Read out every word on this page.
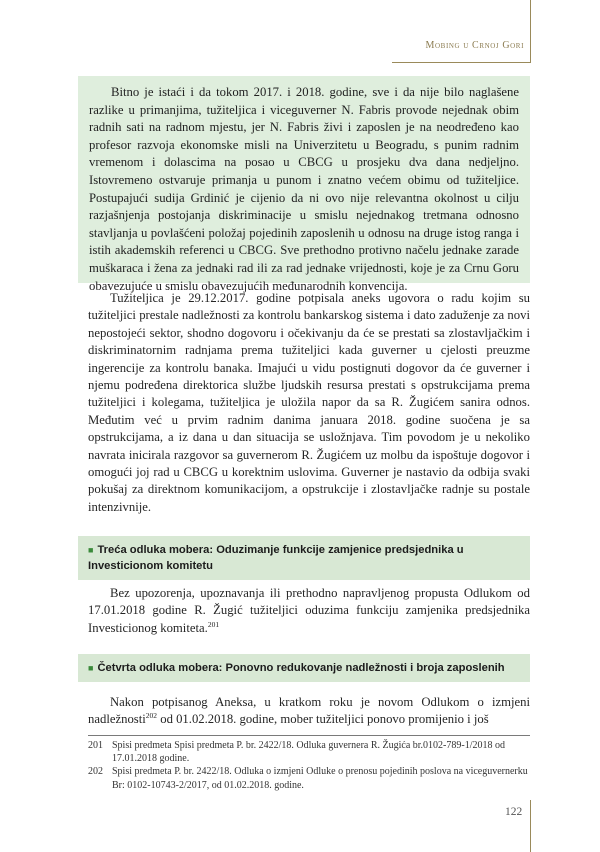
Mobing u Crnoj Gori

Bitno je istaći i da tokom 2017. i 2018. godine, sve i da nije bilo naglašene razlike u primanjima, tužiteljica i viceguverner N. Fabris provode nejednak obim radnih sati na radnom mjestu, jer N. Fabris živi i zaposlen je na neodređeno kao profesor razvoja ekonomske misli na Univerzitetu u Beogradu, s punim radnim vremenom i dolascima na posao u CBCG u prosjeku dva dana nedjeljno. Istovremeno ostvaruje primanja u punom i znatno većem obimu od tužiteljice. Postupajući sudija Grdinić je cijenio da ni ovo nije relevantna okolnost u cilju razjašnjenja postojanja diskriminacije u smislu nejednakog tretmana odnosno stavljanja u povlašćeni položaj pojedinih zaposlenih u odnosu na druge istog ranga i istih akademskih referenci u CBCG. Sve prethodno protivno načelu jednake zarade muškaraca i žena za jednaki rad ili za rad jednake vrijednosti, koje je za Crnu Goru obavezujuće u smislu obavezujućih međunarodnih konvencija.

Tužiteljica je 29.12.2017. godine potpisala aneks ugovora o radu kojim su tužiteljici prestale nadležnosti za kontrolu bankarskog sistema i dato zaduženje za novi nepostojeći sektor, shodno dogovoru i očekivanju da će se prestati sa zlostavljačkim i diskriminatornim radnjama prema tužiteljici kada guverner u cjelosti preuzme ingerencije za kontrolu banaka. Imajući u vidu postignuti dogovor da će guverner i njemu podređena direktorica službe ljudskih resursa prestati s opstrukcijama prema tužiteljici i kolegama, tužiteljica je uložila napor da sa R. Žugićem sanira odnos. Međutim već u prvim radnim danima januara 2018. godine suočena je sa opstrukcijama, a iz dana u dan situacija se usložnjava. Tim povodom je u nekoliko navrata inicirala razgovor sa guvernerom R. Žugićem uz molbu da ispoštuje dogovor i omogući joj rad u CBCG u korektnim uslovima. Guverner je nastavio da odbija svaki pokušaj za direktnom komunikacijom, a opstrukcije i zlostavljačke radnje su postale intenzivnije.

■ Treća odluka mobera: Oduzimanje funkcije zamjenice predsjednika u Investicionom komitetu

Bez upozorenja, upoznavanja ili prethodno napravljenog propusta Odlukom od 17.01.2018 godine R. Žugić tužiteljici oduzima funkciju zamjenika predsjednika Investicionog komiteta.$^{201}$

■ Četvrta odluka mobera: Ponovno redukovanje nadležnosti i broja zaposlenih

Nakon potpisanog Aneksa, u kratkom roku je novom Odlukom o izmjeni nadležnosti$^{202}$ od 01.02.2018. godine, mober tužiteljici ponovo promijenio i još

201 Spisi predmeta Spisi predmeta P. br. 2422/18. Odluka guvernera R. Žugića br.0102-789-1/2018 od 17.01.2018 godine.
202 Spisi predmeta P. br. 2422/18. Odluka o izmjeni Odluke o prenosu pojedinih poslova na viceguvernerku Br: 0102-10743-2/2017, od 01.02.2018. godine.
122
